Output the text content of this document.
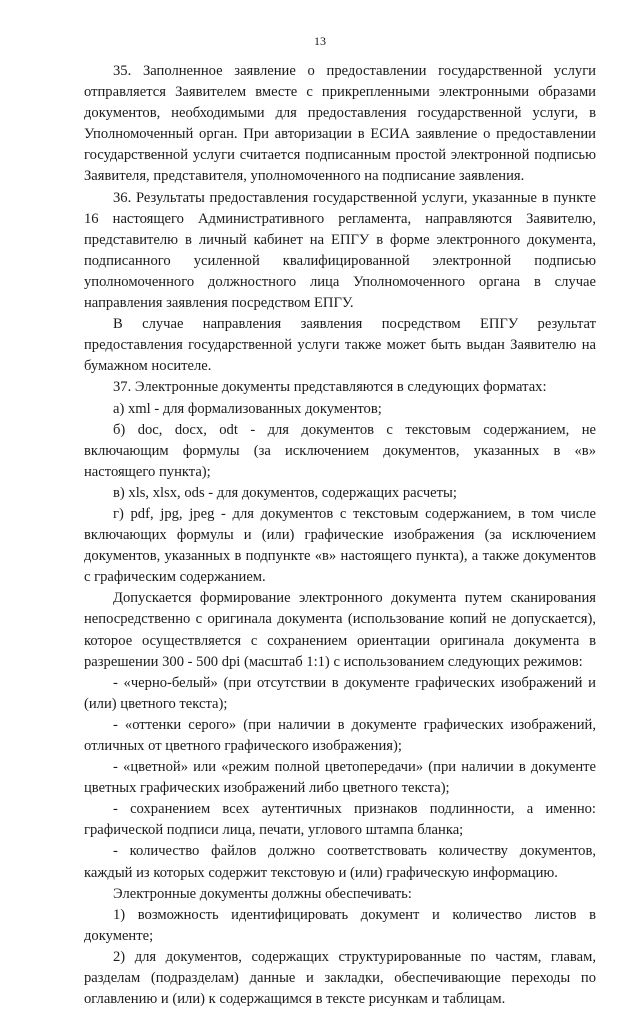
13

35. Заполненное заявление о предоставлении государственной услуги отправляется Заявителем вместе с прикрепленными электронными образами документов, необходимыми для предоставления государственной услуги, в Уполномоченный орган. При авторизации в ЕСИА заявление о предоставлении государственной услуги считается подписанным простой электронной подписью Заявителя, представителя, уполномоченного на подписание заявления.

36. Результаты предоставления государственной услуги, указанные в пункте 16 настоящего Административного регламента, направляются Заявителю, представителю в личный кабинет на ЕПГУ в форме электронного документа, подписанного усиленной квалифицированной электронной подписью уполномоченного должностного лица Уполномоченного органа в случае направления заявления посредством ЕПГУ.

В случае направления заявления посредством ЕПГУ результат предоставления государственной услуги также может быть выдан Заявителю на бумажном носителе.

37. Электронные документы представляются в следующих форматах:

а) xml - для формализованных документов;

б) doc, docx, odt - для документов с текстовым содержанием, не включающим формулы (за исключением документов, указанных в «в» настоящего пункта);

в) xls, xlsx, ods - для документов, содержащих расчеты;

г) pdf, jpg, jpeg - для документов с текстовым содержанием, в том числе включающих формулы и (или) графические изображения (за исключением документов, указанных в подпункте «в» настоящего пункта), а также документов с графическим содержанием.

Допускается формирование электронного документа путем сканирования непосредственно с оригинала документа (использование копий не допускается), которое осуществляется с сохранением ориентации оригинала документа в разрешении 300 - 500 dpi (масштаб 1:1) с использованием следующих режимов:

- «черно-белый» (при отсутствии в документе графических изображений и (или) цветного текста);

- «оттенки серого» (при наличии в документе графических изображений, отличных от цветного графического изображения);

- «цветной» или «режим полной цветопередачи» (при наличии в документе цветных графических изображений либо цветного текста);

- сохранением всех аутентичных признаков подлинности, а именно: графической подписи лица, печати, углового штампа бланка;

- количество файлов должно соответствовать количеству документов, каждый из которых содержит текстовую и (или) графическую информацию.

Электронные документы должны обеспечивать:

1) возможность идентифицировать документ и количество листов в документе;

2) для документов, содержащих структурированные по частям, главам, разделам (подразделам) данные и закладки, обеспечивающие переходы по оглавлению и (или) к содержащимся в тексте рисункам и таблицам.
